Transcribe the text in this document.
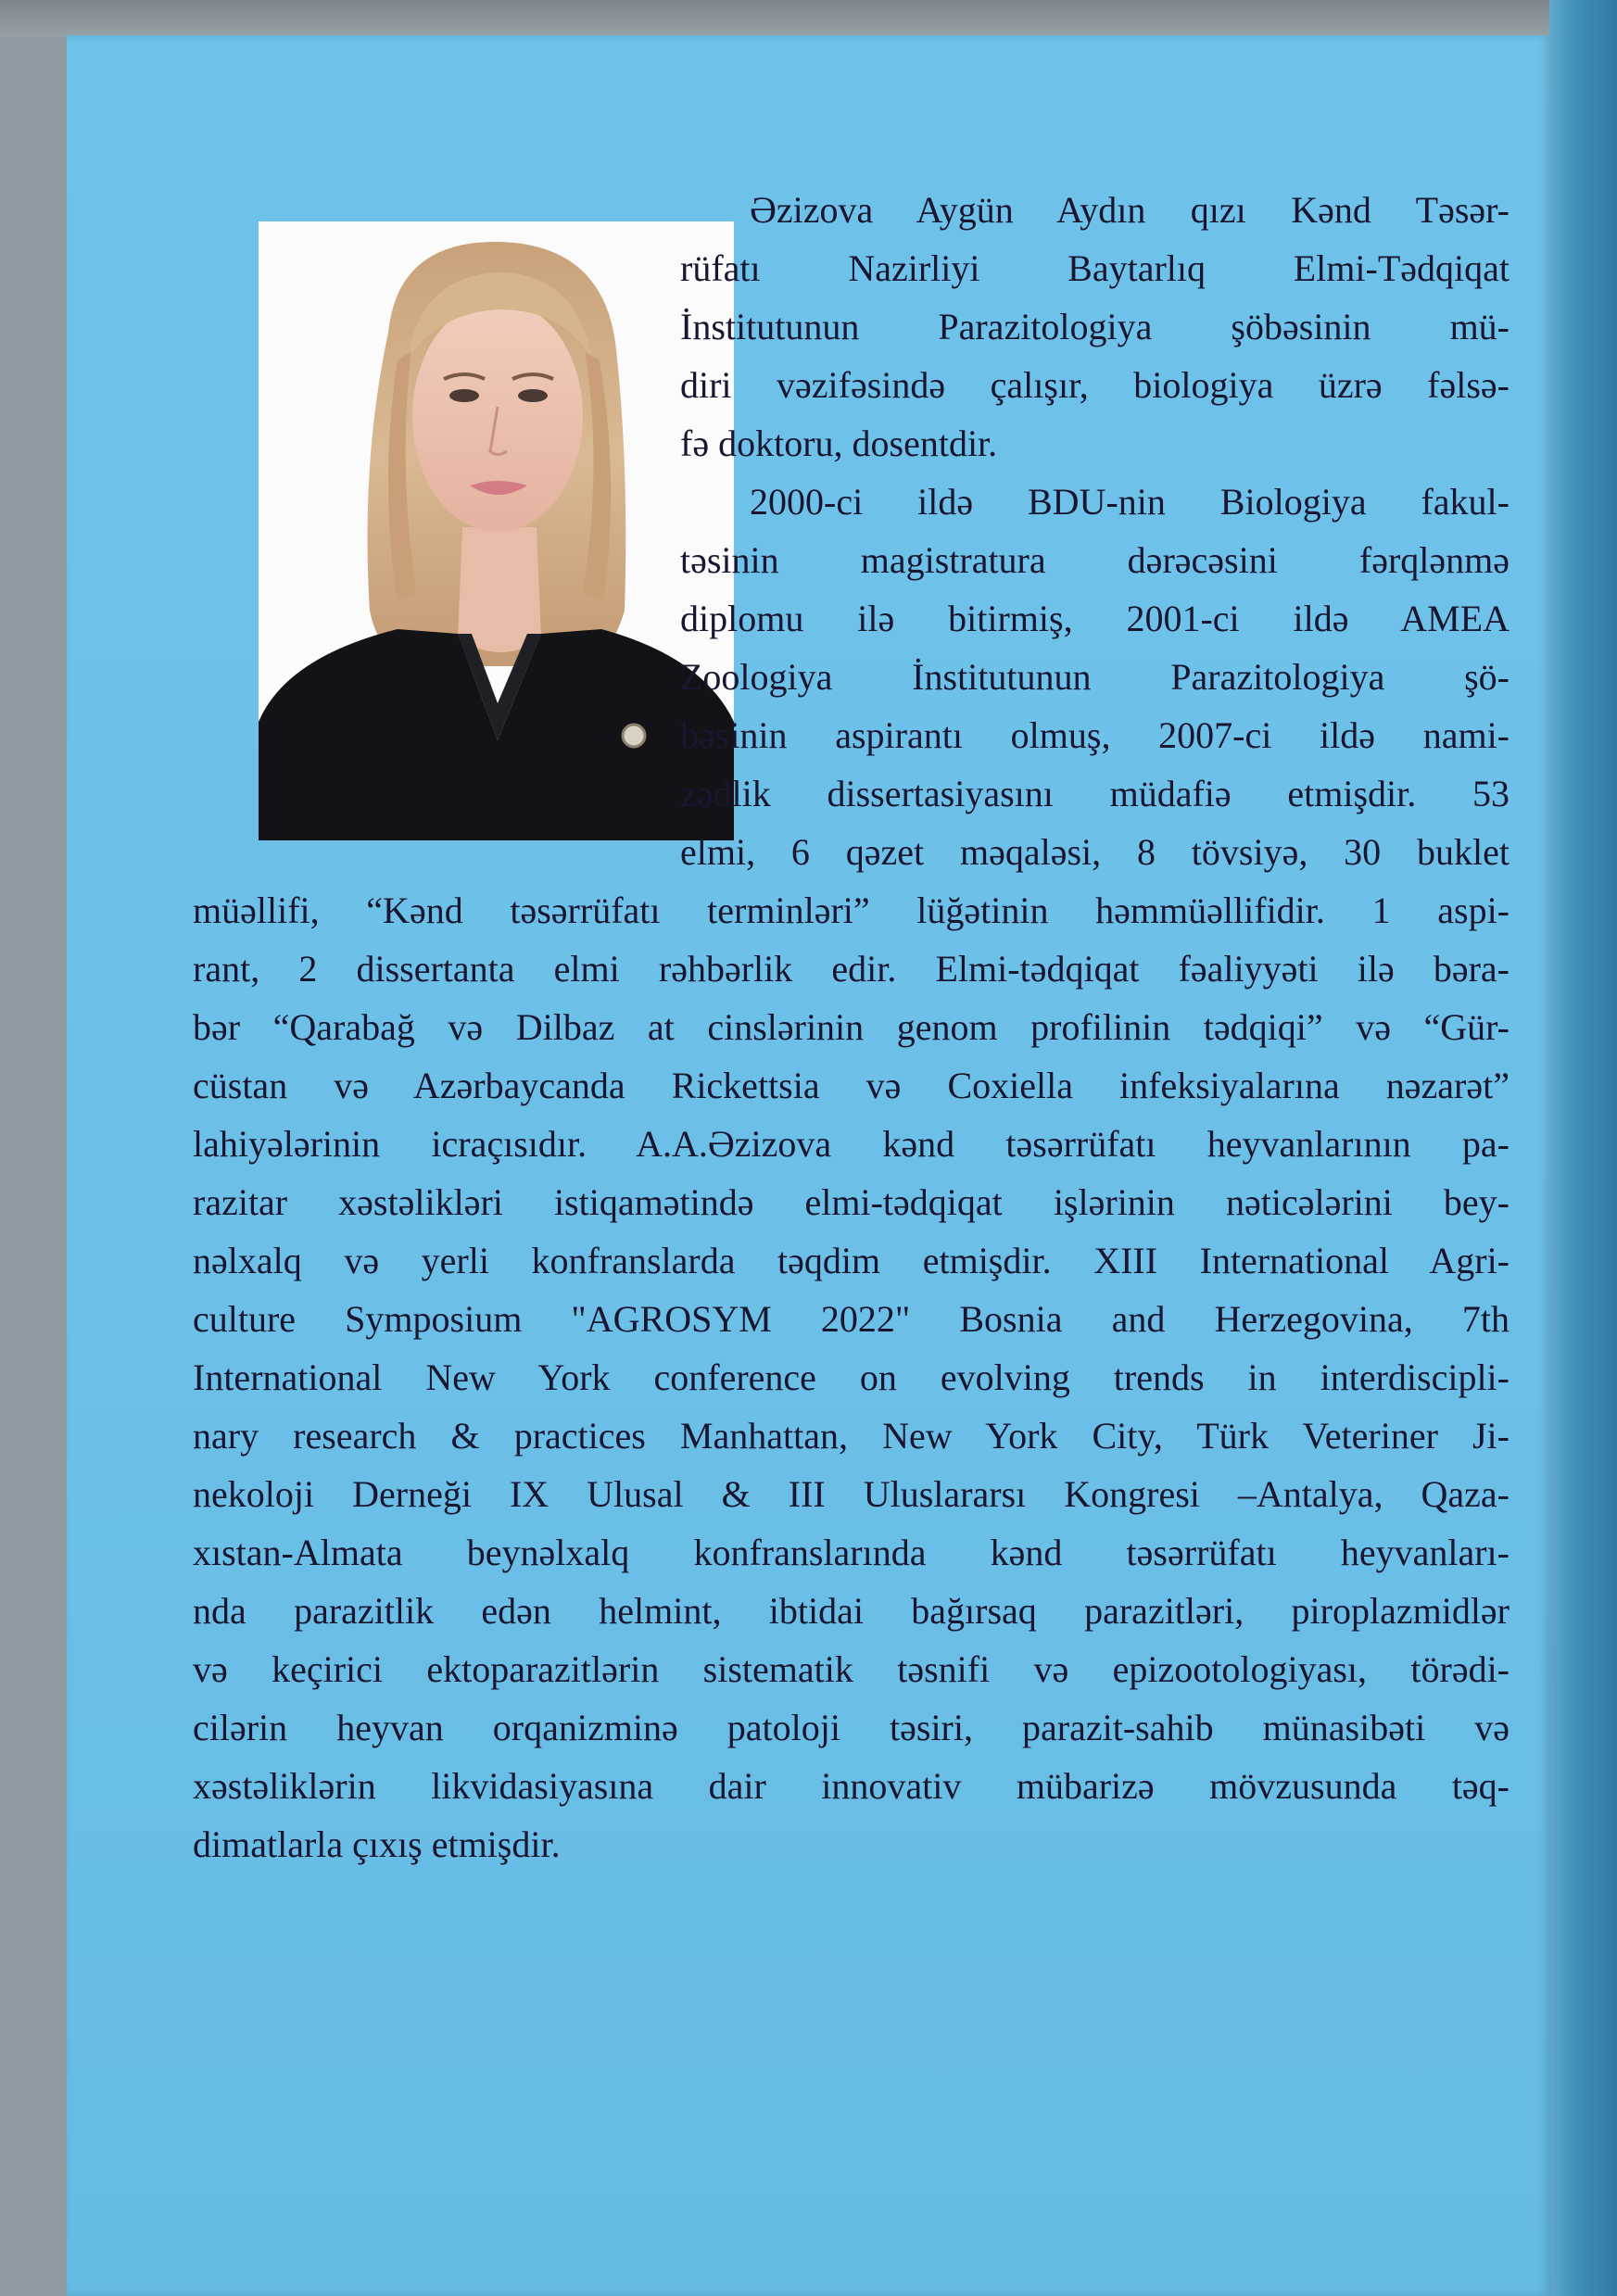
Əzizova Aygün Aydın qızı Kənd Təsər-
rüfatı Nazirliyi Baytarlıq Elmi-Tədqiqat
İnstitutunun Parazitologiya şöbəsinin mü-
diri vəzifəsində çalışır, biologiya üzrə fəlsə-
fə doktoru, dosentdir.
2000-ci ildə BDU-nin Biologiya fakul-
təsinin magistratura dərəcəsini fərqlənmə
diplomu ilə bitirmiş, 2001-ci ildə AMEA
Zoologiya İnstitutunun Parazitologiya şö-
bəsinin aspirantı olmuş, 2007-ci ildə nami-
zədlik dissertasiyasını müdafiə etmişdir. 53
elmi, 6 qəzet məqaləsi, 8 tövsiyə, 30 buklet
müəllifi, “Kənd təsərrüfatı terminləri” lüğətinin həmmüəllifidir. 1 aspi-
rant, 2 dissertanta elmi rəhbərlik edir. Elmi-tədqiqat fəaliyyəti ilə bəra-
bər “Qarabağ və Dilbaz at cinslərinin genom profilinin tədqiqi” və “Gür-
cüstan və Azərbaycanda Rickettsia və Coxiella infeksiyalarına nəzarət”
lahiyələrinin icraçısıdır. A.A.Əzizova kənd təsərrüfatı heyvanlarının pa-
razitar xəstəlikləri istiqamətində elmi-tədqiqat işlərinin nəticələrini bey-
nəlxalq və yerli konfranslarda təqdim etmişdir. XIII International Agri-
culture Symposium "AGROSYM 2022" Bosnia and Herzegovina, 7th
International New York conference on evolving trends in interdiscipli-
nary research & practices Manhattan, New York City, Türk Veteriner Ji-
nekoloji Derneği IX Ulusal & III Uluslararsı Kongresi –Antalya, Qaza-
xıstan-Almata beynəlxalq konfranslarında kənd təsərrüfatı heyvanları-
nda parazitlik edən helmint, ibtidai bağırsaq parazitləri, piroplazmidlər
və keçirici ektoparazitlərin sistematik təsnifi və epizootologiyası, törədi-
cilərin heyvan orqanizminə patoloji təsiri, parazit-sahib münasibəti və
xəstəliklərin likvidasiyasına dair innovativ mübarizə mövzusunda təq-
dimatlarla çıxış etmişdir.
